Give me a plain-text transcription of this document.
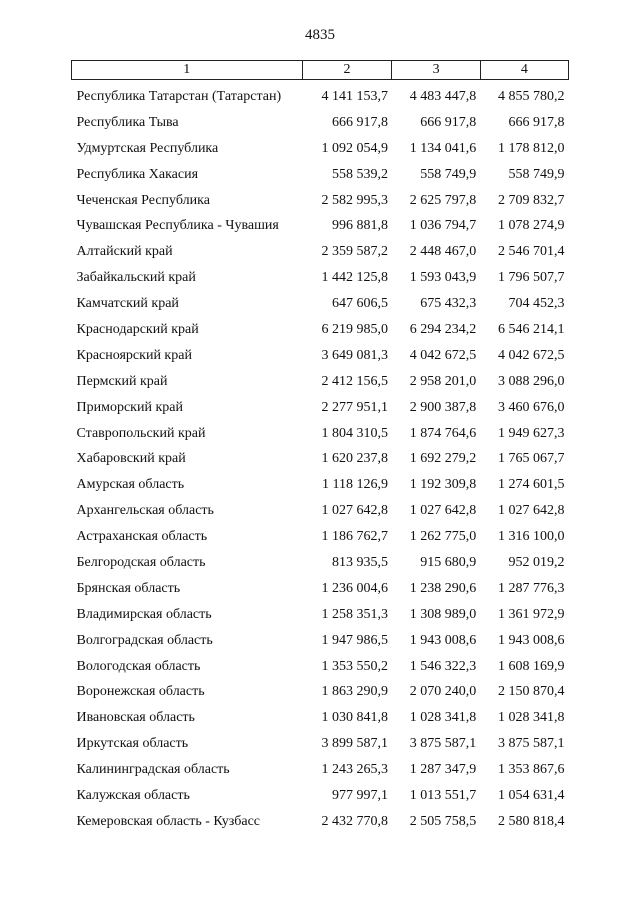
4835
1	2	3	4
Республика Татарстан (Татарстан)	4 141 153,7	4 483 447,8	4 855 780,2
Республика Тыва	666 917,8	666 917,8	666 917,8
Удмуртская Республика	1 092 054,9	1 134 041,6	1 178 812,0
Республика Хакасия	558 539,2	558 749,9	558 749,9
Чеченская Республика	2 582 995,3	2 625 797,8	2 709 832,7
Чувашская Республика - Чувашия	996 881,8	1 036 794,7	1 078 274,9
Алтайский край	2 359 587,2	2 448 467,0	2 546 701,4
Забайкальский край	1 442 125,8	1 593 043,9	1 796 507,7
Камчатский край	647 606,5	675 432,3	704 452,3
Краснодарский край	6 219 985,0	6 294 234,2	6 546 214,1
Красноярский край	3 649 081,3	4 042 672,5	4 042 672,5
Пермский край	2 412 156,5	2 958 201,0	3 088 296,0
Приморский край	2 277 951,1	2 900 387,8	3 460 676,0
Ставропольский край	1 804 310,5	1 874 764,6	1 949 627,3
Хабаровский край	1 620 237,8	1 692 279,2	1 765 067,7
Амурская область	1 118 126,9	1 192 309,8	1 274 601,5
Архангельская область	1 027 642,8	1 027 642,8	1 027 642,8
Астраханская область	1 186 762,7	1 262 775,0	1 316 100,0
Белгородская область	813 935,5	915 680,9	952 019,2
Брянская область	1 236 004,6	1 238 290,6	1 287 776,3
Владимирская область	1 258 351,3	1 308 989,0	1 361 972,9
Волгоградская область	1 947 986,5	1 943 008,6	1 943 008,6
Вологодская область	1 353 550,2	1 546 322,3	1 608 169,9
Воронежская область	1 863 290,9	2 070 240,0	2 150 870,4
Ивановская область	1 030 841,8	1 028 341,8	1 028 341,8
Иркутская область	3 899 587,1	3 875 587,1	3 875 587,1
Калининградская область	1 243 265,3	1 287 347,9	1 353 867,6
Калужская область	977 997,1	1 013 551,7	1 054 631,4
Кемеровская область - Кузбасс	2 432 770,8	2 505 758,5	2 580 818,4
